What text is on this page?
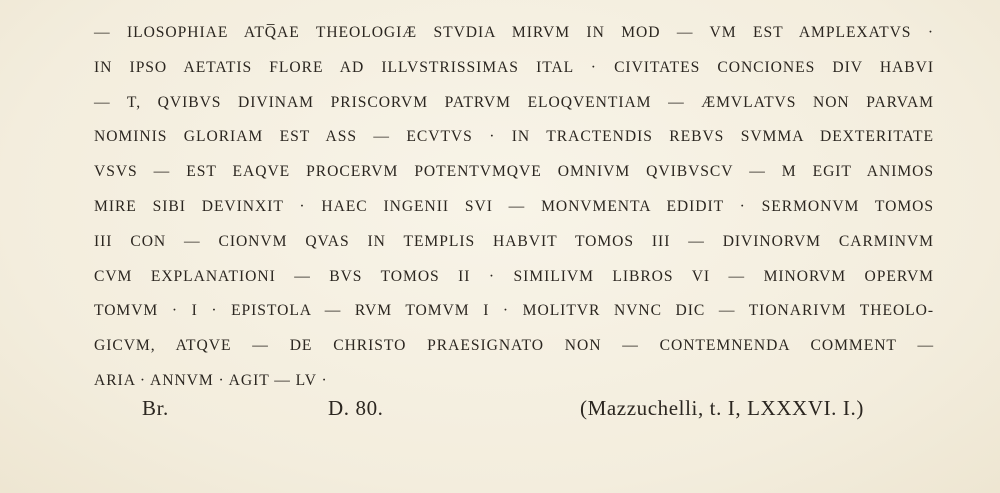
— ILOSOPHIAE ATQ̅AE THEOLOGIÆ STVDIA MIRVM IN MOD — VM EST AMPLEXATVS ·
IN IPSO AETATIS FLORE AD ILLVSTRISSIMAS ITAL · CIVITATES CONCIONES DIV HABVI
— T, QVIBVS DIVINAM PRISCORVM PATRVM ELOQVENTIAM — ÆMVLATVS NON PARVAM
NOMINIS GLORIAM EST ASS — ECVTVS · IN TRACTENDIS REBVS SVMMA DEXTERITATE
VSVS — EST EAQVE PROCERVM POTENTVMQVE OMNIVM QVIBVSCV — M EGIT ANIMOS
MIRE SIBI DEVINXIT · HAEC INGENII SVI — MONVMENTA EDIDIT · SERMONVM TOMOS
III CON — CIONVM QVAS IN TEMPLIS HABVIT TOMOS III — DIVINORVM CARMINVM
CVM EXPLANATIONI — BVS TOMOS II · SIMILIVM LIBROS VI — MINORVM OPERVM
TOMVM · I · EPISTOLA — RVM TOMVM I · MOLITVR NVNC DIC — TIONARIVM THEOLO-
GICVM, ATQVE — DE CHRISTO PRAESIGNATO NON — CONTEMNENDA COMMENT —
ARIA · ANNVM · AGIT — LV ·
Br.	D. 80.	(Mazzuchelli, t. I, LXXXVI. I.)
